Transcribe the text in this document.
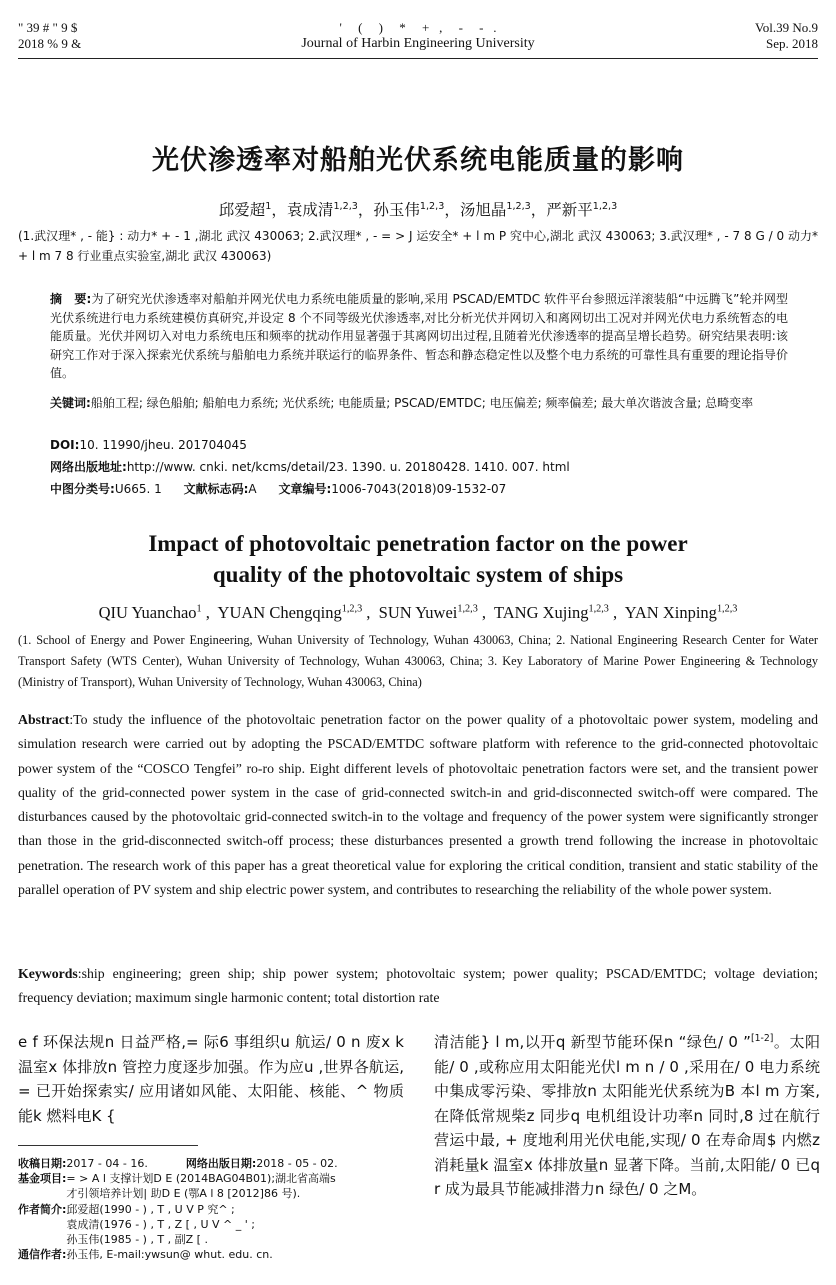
" 39 # " 9 $
2018 % 9 &
'     (     )     *     +   ,     -     -   .
Journal of Harbin Engineering University
Vol.39 No.9
Sep. 2018
光伏渗透率对船舶光伏系统电能质量的影响
邱爱超$^1$，袁成清$^{1,2,3}$，孙玉伟$^{1,2,3}$，汤旭晶$^{1,2,3}$，严新平$^{1,2,3}$
(1.武汉理* , - 能} : 动力* + - 1 ,湖北 武汉 430063; 2.武汉理* , - = > J 运安全* + l m P 究中心,湖北 武汉 430063; 3.武汉理* , - 7 8 G / 0 动力* + l m 7 8 行业重点实验室,湖北 武汉 430063)
摘　要:为了研究光伏渗透率对船舶并网光伏电力系统电能质量的影响,采用 PSCAD/EMTDC 软件平台参照远洋滚装船“中远腾飞”轮并网型光伏系统进行电力系统建模仿真研究,并设定 8 个不同等级光伏渗透率,对比分析光伏并网切入和离网切出工况对并网光伏电力系统暂态的电能质量。光伏并网切入对电力系统电压和频率的扰动作用显著强于其离网切出过程,且随着光伏渗透率的提高呈增长趋势。研究结果表明:该研究工作对于深入探索光伏系统与船舶电力系统并联运行的临界条件、暂态和静态稳定性以及整个电力系统的可靠性具有重要的理论指导价值。
关键词:船舶工程; 绿色船舶; 船舶电力系统; 光伏系统; 电能质量; PSCAD/EMTDC; 电压偏差; 频率偏差; 最大单次谐波含量; 总畸变率
DOI:10. 11990/jheu. 201704045
网络出版地址:http://www. cnki. net/kcms/detail/23. 1390. u. 20180428. 1410. 007. html
中图分类号:U665. 1 文献标志码:A 文章编号:1006-7043(2018)09-1532-07
Impact of photovoltaic penetration factor on the power
quality of the photovoltaic system of ships
QIU Yuanchao$^1$ ,  YUAN Chengqing$^{1,2,3}$ ,  SUN Yuwei$^{1,2,3}$ ,  TANG Xujing$^{1,2,3}$ ,  YAN Xinping$^{1,2,3}$
(1. School of Energy and Power Engineering, Wuhan University of Technology, Wuhan 430063, China; 2. National Engineering Research Center for Water Transport Safety (WTS Center), Wuhan University of Technology, Wuhan 430063, China; 3. Key Laboratory of Marine Power Engineering & Technology (Ministry of Transport), Wuhan University of Technology, Wuhan 430063, China)
Abstract:To study the influence of the photovoltaic penetration factor on the power quality of a photovoltaic power system, modeling and simulation research were carried out by adopting the PSCAD/EMTDC software platform with reference to the grid-connected photovoltaic power system of the “COSCO Tengfei” ro-ro ship. Eight different levels of photovoltaic penetration factors were set, and the transient power quality of the grid-connected power system in the case of grid-connected switch-in and grid-disconnected switch-off were compared. The disturbances caused by the photovoltaic grid-connected switch-in to the voltage and frequency of the power system were significantly stronger than those in the grid-disconnected switch-off process; these disturbances presented a growth trend following the increase in photovoltaic penetration. The research work of this paper has a great theoretical value for exploring the critical condition, transient and static stability of the parallel operation of PV system and ship electric power system, and contributes to researching the reliability of the whole power system.
Keywords:ship engineering; green ship; ship power system; photovoltaic system; power quality; PSCAD/EMTDC; voltage deviation; frequency deviation; maximum single harmonic content; total distortion rate
e f 环保法规n 日益严格,= 际6 事组织u 航运/ 0 n 废x k 温室x 体排放n 管控力度逐步加强。作为应u ,世界各航运, = 已开始探索实/ 应用诸如风能、太阳能、核能、^ 物质能k 燃料电K {
清洁能} l m,以开q 新型节能环保n “绿色/ 0 ”[1-2]。太阳能/ 0 ,或称应用太阳能光伏l m n / 0 ,采用在/ 0 电力系统中集成零污染、零排放n 太阳能光伏系统为B 本l m 方案,在降低常规柴z 同步q 电机组设计功率n 同时,8 过在航行营运中最, + 度地利用光伏电能,实现/ 0 在寿命周$ 内燃z 消耗量k 温室x 体排放量n 显著下降。当前,太阳能/ 0 已q r 成为最具节能减排潜力n 绿色/ 0 之M。
收稿日期: 2017 - 04 - 16.	网络出版日期: 2018 - 05 - 02.
基金项目: = > A l 支撑计划D E (2014BAG04B01);湖北省高端s
才引领培养计划| 助D E (鄂A l 8 [2012]86 号).
作者简介: 邱爱超(1990 - ) , T , U V P 究^ ;
袁成清(1976 - ) , T , Z [ , U V ^ _ ' ;
孙玉伟(1985 - ) , T , 副Z [ .
通信作者: 孙玉伟, E-mail:ywsun@ whut. edu. cn.
